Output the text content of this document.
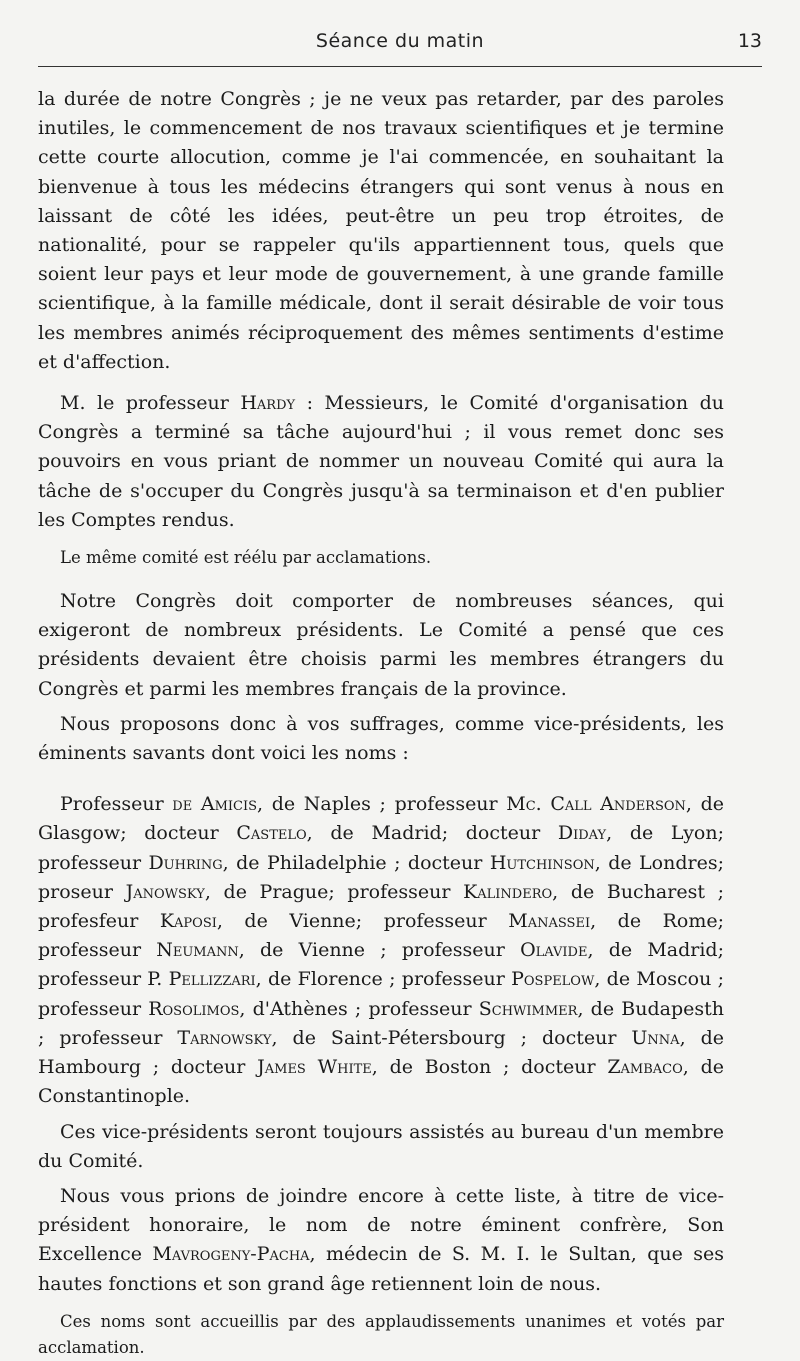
Séance du matin	13

la durée de notre Congrès ; je ne veux pas retarder, par des paroles inutiles, le commencement de nos travaux scientifiques et je termine cette courte allocution, comme je l'ai commencée, en souhaitant la bienvenue à tous les médecins étrangers qui sont venus à nous en laissant de côté les idées, peut-être un peu trop étroites, de nationalité, pour se rappeler qu'ils appartiennent tous, quels que soient leur pays et leur mode de gouvernement, à une grande famille scientifique, à la famille médicale, dont il serait désirable de voir tous les membres animés réciproquement des mêmes sentiments d'estime et d'affection.

M. le professeur Hardy : Messieurs, le Comité d'organisation du Congrès a terminé sa tâche aujourd'hui ; il vous remet donc ses pouvoirs en vous priant de nommer un nouveau Comité qui aura la tâche de s'occuper du Congrès jusqu'à sa terminaison et d'en publier les Comptes rendus.

Le même comité est réélu par acclamations.

Notre Congrès doit comporter de nombreuses séances, qui exigeront de nombreux présidents. Le Comité a pensé que ces présidents devaient être choisis parmi les membres étrangers du Congrès et parmi les membres français de la province.

Nous proposons donc à vos suffrages, comme vice-présidents, les éminents savants dont voici les noms :

Professeur de Amicis, de Naples ; professeur Mc. Call Anderson, de Glasgow; docteur Castelo, de Madrid; docteur Diday, de Lyon; professeur Duhring, de Philadelphie ; docteur Hutchinson, de Londres; proseur Janowsky, de Prague; professeur Kalindero, de Bucharest ; profesfeur Kaposi, de Vienne; professeur Manassei, de Rome; professeur Neumann, de Vienne ; professeur Olavide, de Madrid; professeur P. Pellizzari, de Florence ; professeur Pospelow, de Moscou ; professeur Rosolimos, d'Athènes ; professeur Schwimmer, de Budapesth ; professeur Tarnowsky, de Saint-Pétersbourg ; docteur Unna, de Hambourg ; docteur James White, de Boston ; docteur Zambaco, de Constantinople.

Ces vice-présidents seront toujours assistés au bureau d'un membre du Comité.

Nous vous prions de joindre encore à cette liste, à titre de vice-président honoraire, le nom de notre éminent confrère, Son Excellence Mavrogeny-Pacha, médecin de S. M. I. le Sultan, que ses hautes fonctions et son grand âge retiennent loin de nous.

Ces noms sont accueillis par des applaudissements unanimes et votés par acclamation.
